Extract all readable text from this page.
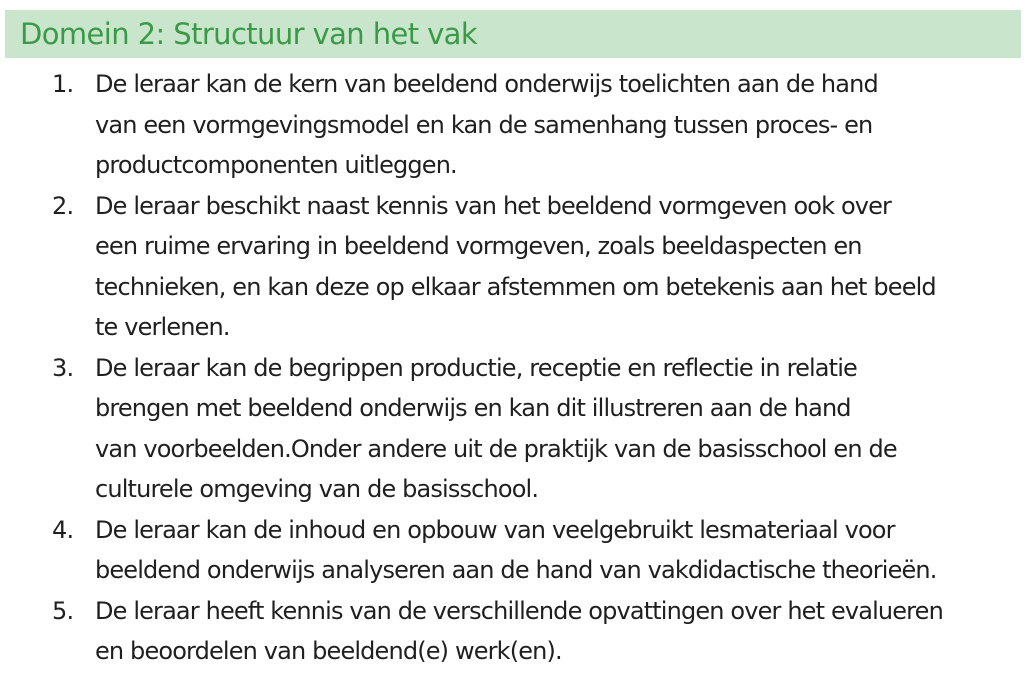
Domein 2: Structuur van het vak
1. De leraar kan de kern van beeldend onderwijs toelichten aan de hand
van een vormgevingsmodel en kan de samenhang tussen proces- en
productcomponenten uitleggen.
2. De leraar beschikt naast kennis van het beeldend vormgeven ook over
een ruime ervaring in beeldend vormgeven, zoals beeldaspecten en
technieken, en kan deze op elkaar afstemmen om betekenis aan het beeld
te verlenen.
3. De leraar kan de begrippen productie, receptie en reflectie in relatie
brengen met beeldend onderwijs en kan dit illustreren aan de hand
van voorbeelden.Onder andere uit de praktijk van de basisschool en de
culturele omgeving van de basisschool.
4. De leraar kan de inhoud en opbouw van veelgebruikt lesmateriaal voor
beeldend onderwijs analyseren aan de hand van vakdidactische theorieën.
5. De leraar heeft kennis van de verschillende opvattingen over het evalueren
en beoordelen van beeldend(e) werk(en).
